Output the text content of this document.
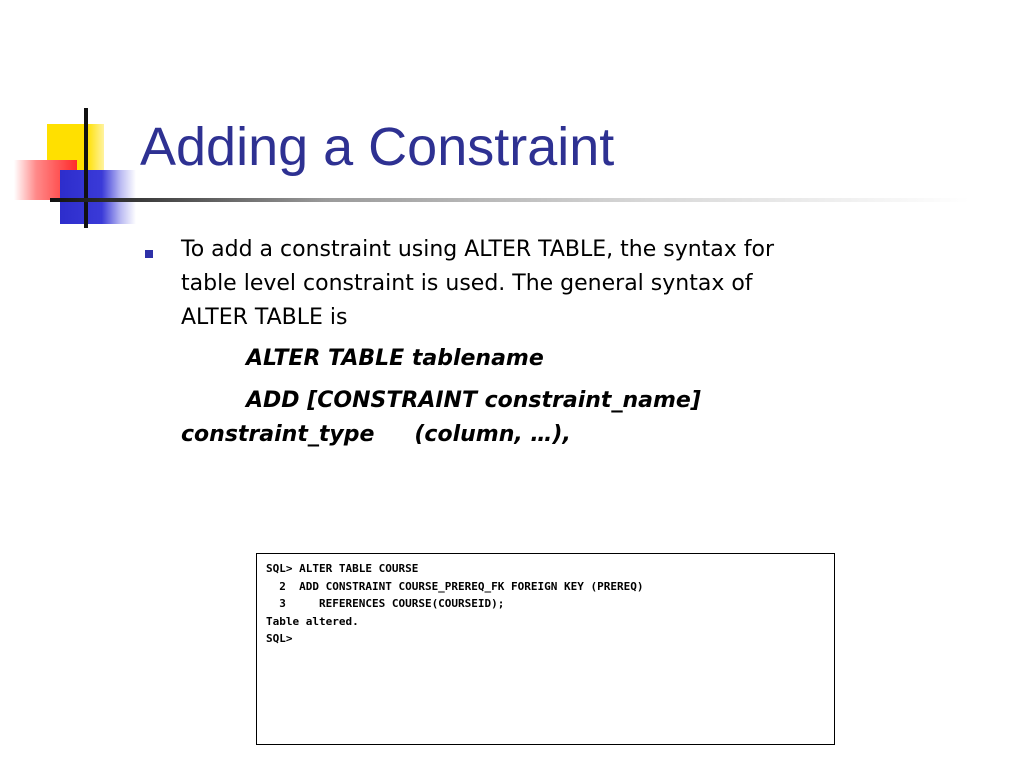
Adding a Constraint

To add a constraint using ALTER TABLE, the syntax for

table level constraint is used. The general syntax of

ALTER TABLE is

ALTER TABLE tablename

ADD [CONSTRAINT constraint_name]

constraint_type (column, …),

SQL> ALTER TABLE COURSE

2  ADD CONSTRAINT COURSE_PREREQ_FK FOREIGN KEY (PREREQ)

3     REFERENCES COURSE(COURSEID);

Table altered.

SQL>
